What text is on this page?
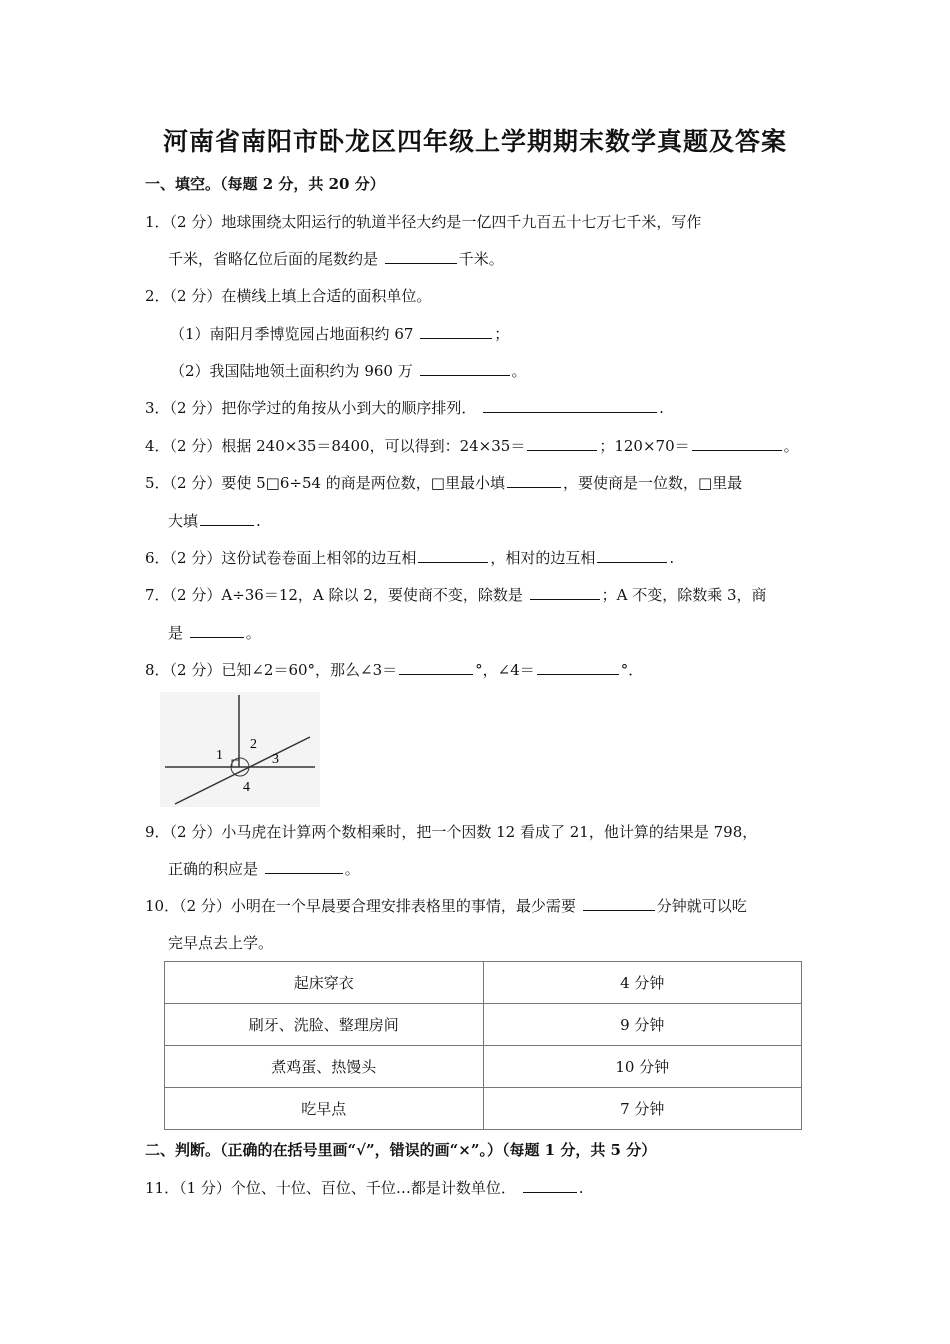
河南省南阳市卧龙区四年级上学期期末数学真题及答案
一、填空。（每题 2 分，共 20 分）
1．（2 分）地球围绕太阳运行的轨道半径大约是一亿四千九百五十七万七千米，写作
千米，省略亿位后面的尾数约是	千米。
2．（2 分）在横线上填上合适的面积单位。
（1）南阳月季博览园占地面积约 67	；
（2）我国陆地领土面积约为 960 万	。
3．（2 分）把你学过的角按从小到大的顺序排列．	.
4．（2 分）根据 240×35＝8400，可以得到：24×35＝	；120×70＝	。
5．（2 分）要使 5□6÷54 的商是两位数，□里最小填	，要使商是一位数，□里最
大填	.
6．（2 分）这份试卷卷面上相邻的边互相	，相对的边互相	.
7．（2 分）A÷36＝12，A 除以 2，要使商不变，除数是	；A 不变，除数乘 3，商
是	。
8．（2 分）已知∠2＝60°，那么∠3＝	°，∠4＝	°．
1
2
3
4
9．（2 分）小马虎在计算两个数相乘时，把一个因数 12 看成了 21，他计算的结果是 798，
正确的积应是	。
10．（2 分）小明在一个早晨要合理安排表格里的事情，最少需要	分钟就可以吃
完早点去上学。
起床穿衣	4 分钟
刷牙、洗脸、整理房间	9 分钟
煮鸡蛋、热馒头	10 分钟
吃早点	7 分钟
二、判断。（正确的在括号里画“√”，错误的画“×”。）（每题 1 分，共 5 分）
11．（1 分）个位、十位、百位、千位…都是计数单位．	.
